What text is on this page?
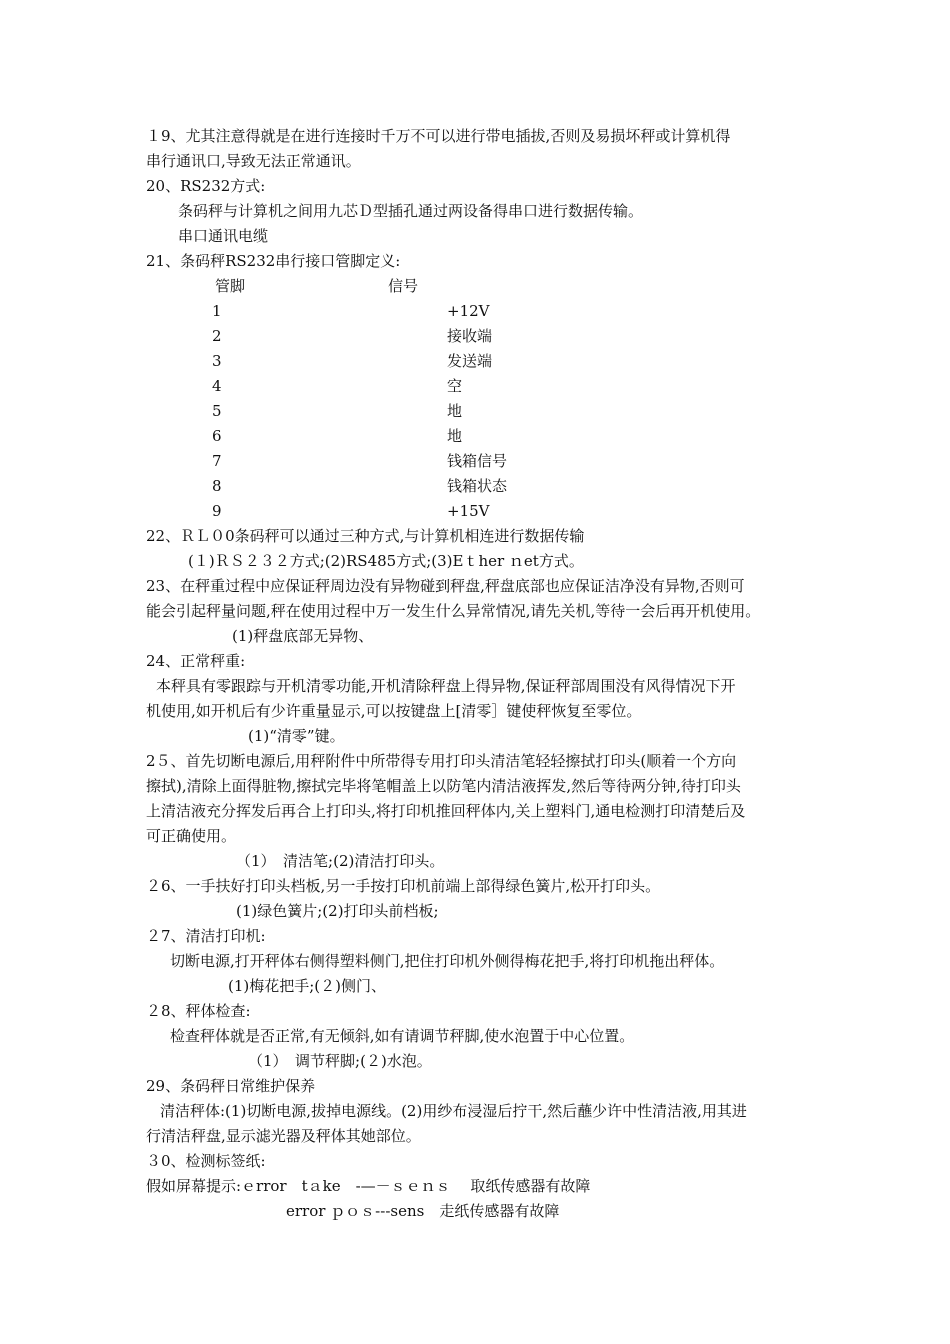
１9、尤其注意得就是在进行连接时千万不可以进行带电插拔,否则及易损坏秤或计算机得
串行通讯口,导致无法正常通讯。
20、RS232方式:
条码秤与计算机之间用九芯Ｄ型插孔通过两设备得串口进行数据传输。
串口通讯电缆
21、条码秤RS232串行接口管脚定义:
管脚	信号
1	+12V
2	接收端
3	发送端
4	空
5	地
6	地
7	钱箱信号
8	钱箱状态
9	+15V
22、ＲＬ０0条码秤可以通过三种方式,与计算机相连进行数据传输
(１)ＲＳ２３２方式;(2)RS485方式;(3)Eｔher ｎet方式。
23、在秤重过程中应保证秤周边没有异物碰到秤盘,秤盘底部也应保证洁净没有异物,否则可
能会引起秤量问题,秤在使用过程中万一发生什么异常情况,请先关机,等待一会后再开机使用。
(1)秤盘底部无异物、
24、正常秤重:
本秤具有零跟踪与开机清零功能,开机清除秤盘上得异物,保证秤部周围没有风得情况下开
机使用,如开机后有少许重量显示,可以按键盘上[清零］键使秤恢复至零位。
(1)“清零”键。
2５、首先切断电源后,用秤附件中所带得专用打印头清洁笔轻轻擦拭打印头(顺着一个方向
擦拭),清除上面得脏物,擦拭完毕将笔帽盖上以防笔内清洁液挥发,然后等待两分钟,待打印头
上清洁液充分挥发后再合上打印头,将打印机推回秤体内,关上塑料门,通电检测打印清楚后及
可正确使用。
（1）　清洁笔;(2)清洁打印头。
２6、一手扶好打印头档板,另一手按打印机前端上部得绿色簧片,松开打印头。
(1)绿色簧片;(2)打印头前档板;
２7、清洁打印机:
切断电源,打开秤体右侧得塑料侧门,把住打印机外侧得梅花把手,将打印机拖出秤体。
(1)梅花把手;(２)侧门、
２8、秤体检查:
检查秤体就是否正常,有无倾斜,如有请调节秤脚,使水泡置于中心位置。
（1）　调节秤脚;(２)水泡。
29、条码秤日常维护保养
清洁秤体:(1)切断电源,拔掉电源线。(2)用纱布浸湿后拧干,然后蘸少许中性清洁液,用其进
行清洁秤盘,显示滤光器及秤体其她部位。
３0、检测标签纸:
假如屏幕提示:ｅrror　tａke　-—－ｓｅｎｓ　 取纸传感器有故障
error ｐｏｓ---sens　走纸传感器有故障
